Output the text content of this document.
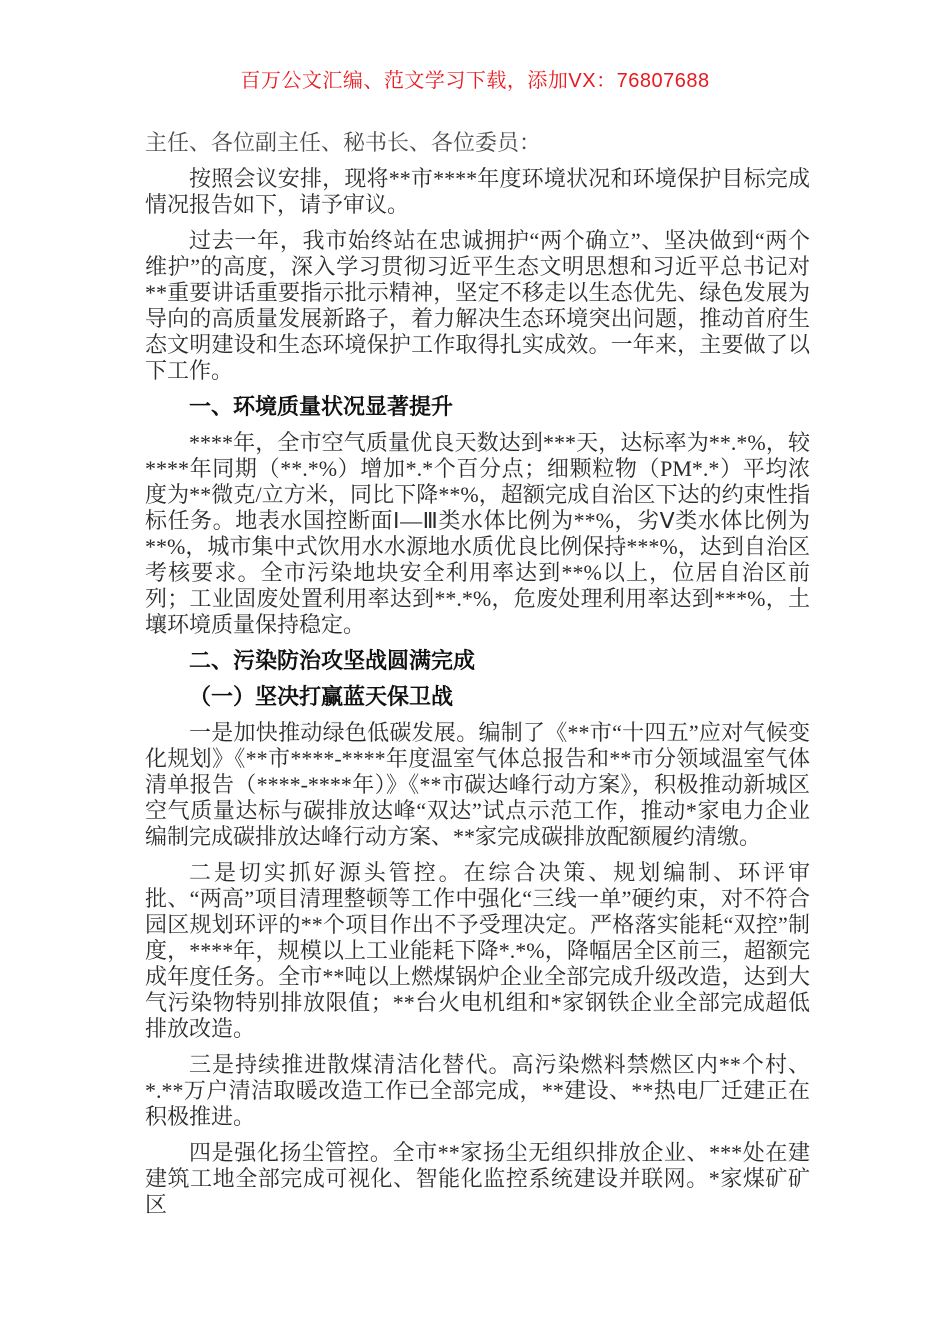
百万公文汇编、范文学习下载，添加VX：76807688

主任、各位副主任、秘书长、各位委员：

按照会议安排，现将**市****年度环境状况和环境保护目标完成情况报告如下，请予审议。

过去一年，我市始终站在忠诚拥护“两个确立”、坚决做到“两个维护”的高度，深入学习贯彻习近平生态文明思想和习近平总书记对**重要讲话重要指示批示精神，坚定不移走以生态优先、绿色发展为导向的高质量发展新路子，着力解决生态环境突出问题，推动首府生态文明建设和生态环境保护工作取得扎实成效。一年来，主要做了以下工作。

一、环境质量状况显著提升

****年，全市空气质量优良天数达到***天，达标率为**.*%，较****年同期（**.*%）增加*.*个百分点；细颗粒物（PM*.*）平均浓度为**微克/立方米，同比下降**%，超额完成自治区下达的约束性指标任务。地表水国控断面Ⅰ—Ⅲ类水体比例为**%，劣Ⅴ类水体比例为**%，城市集中式饮用水水源地水质优良比例保持***%，达到自治区考核要求。全市污染地块安全利用率达到**%以上，位居自治区前列；工业固废处置利用率达到**.*%，危废处理利用率达到***%，土壤环境质量保持稳定。

二、污染防治攻坚战圆满完成
（一）坚决打赢蓝天保卫战

一是加快推动绿色低碳发展。编制了《**市“十四五”应对气候变化规划》《**市****-****年度温室气体总报告和**市分领域温室气体清单报告（****-****年）》《**市碳达峰行动方案》，积极推动新城区空气质量达标与碳排放达峰“双达”试点示范工作，推动*家电力企业编制完成碳排放达峰行动方案、**家完成碳排放配额履约清缴。

二是切实抓好源头管控。在综合决策、规划编制、环评审批、“两高”项目清理整顿等工作中强化“三线一单”硬约束，对不符合园区规划环评的**个项目作出不予受理决定。严格落实能耗“双控”制度，****年，规模以上工业能耗下降*.*%，降幅居全区前三，超额完成年度任务。全市**吨以上燃煤锅炉企业全部完成升级改造，达到大气污染物特别排放限值；**台火电机组和*家钢铁企业全部完成超低排放改造。

三是持续推进散煤清洁化替代。高污染燃料禁燃区内**个村、*.**万户清洁取暖改造工作已全部完成，**建设、**热电厂迁建正在积极推进。

四是强化扬尘管控。全市**家扬尘无组织排放企业、***处在建建筑工地全部完成可视化、智能化监控系统建设并联网。*家煤矿矿区
